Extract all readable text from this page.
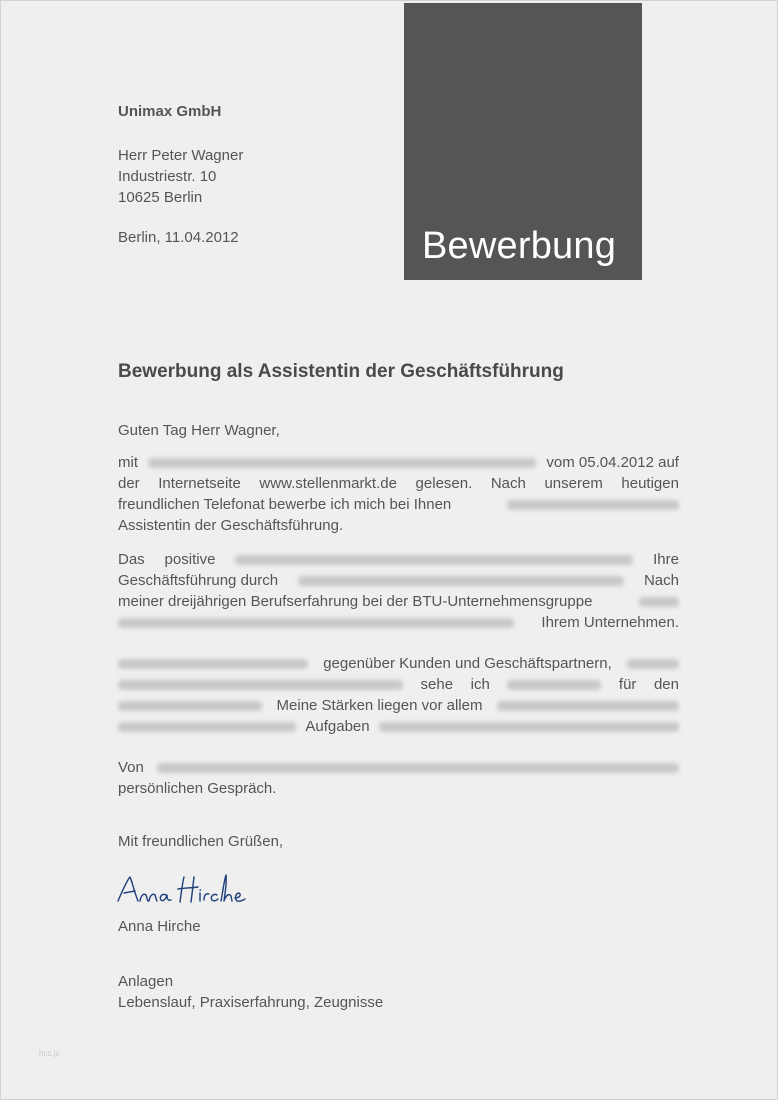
Bewerbung
Unimax GmbH
Herr Peter Wagner
Industriestr. 10
10625 Berlin
Berlin, 11.04.2012
Bewerbung als Assistentin der Geschäftsführung
Guten Tag Herr Wagner,
mit	vom 05.04.2012 auf
der Internetseite www.stellenmarkt.de gelesen. Nach unserem heutigen
freundlichen Telefonat bewerbe ich mich bei Ihnen
Assistentin der Geschäftsführung.
Das positive	Ihre
Geschäftsführung durch	Nach
meiner dreijährigen Berufserfahrung bei der BTU-Unternehmensgruppe
Ihrem Unternehmen.
gegenüber Kunden und Geschäftspartnern,
sehe ich	für den
Meine Stärken liegen vor allem
Aufgaben
Von
persönlichen Gespräch.
Mit freundlichen Grüßen,
Anna Hirche
Anlagen
Lebenslauf, Praxiserfahrung, Zeugnisse
hcc.jx
